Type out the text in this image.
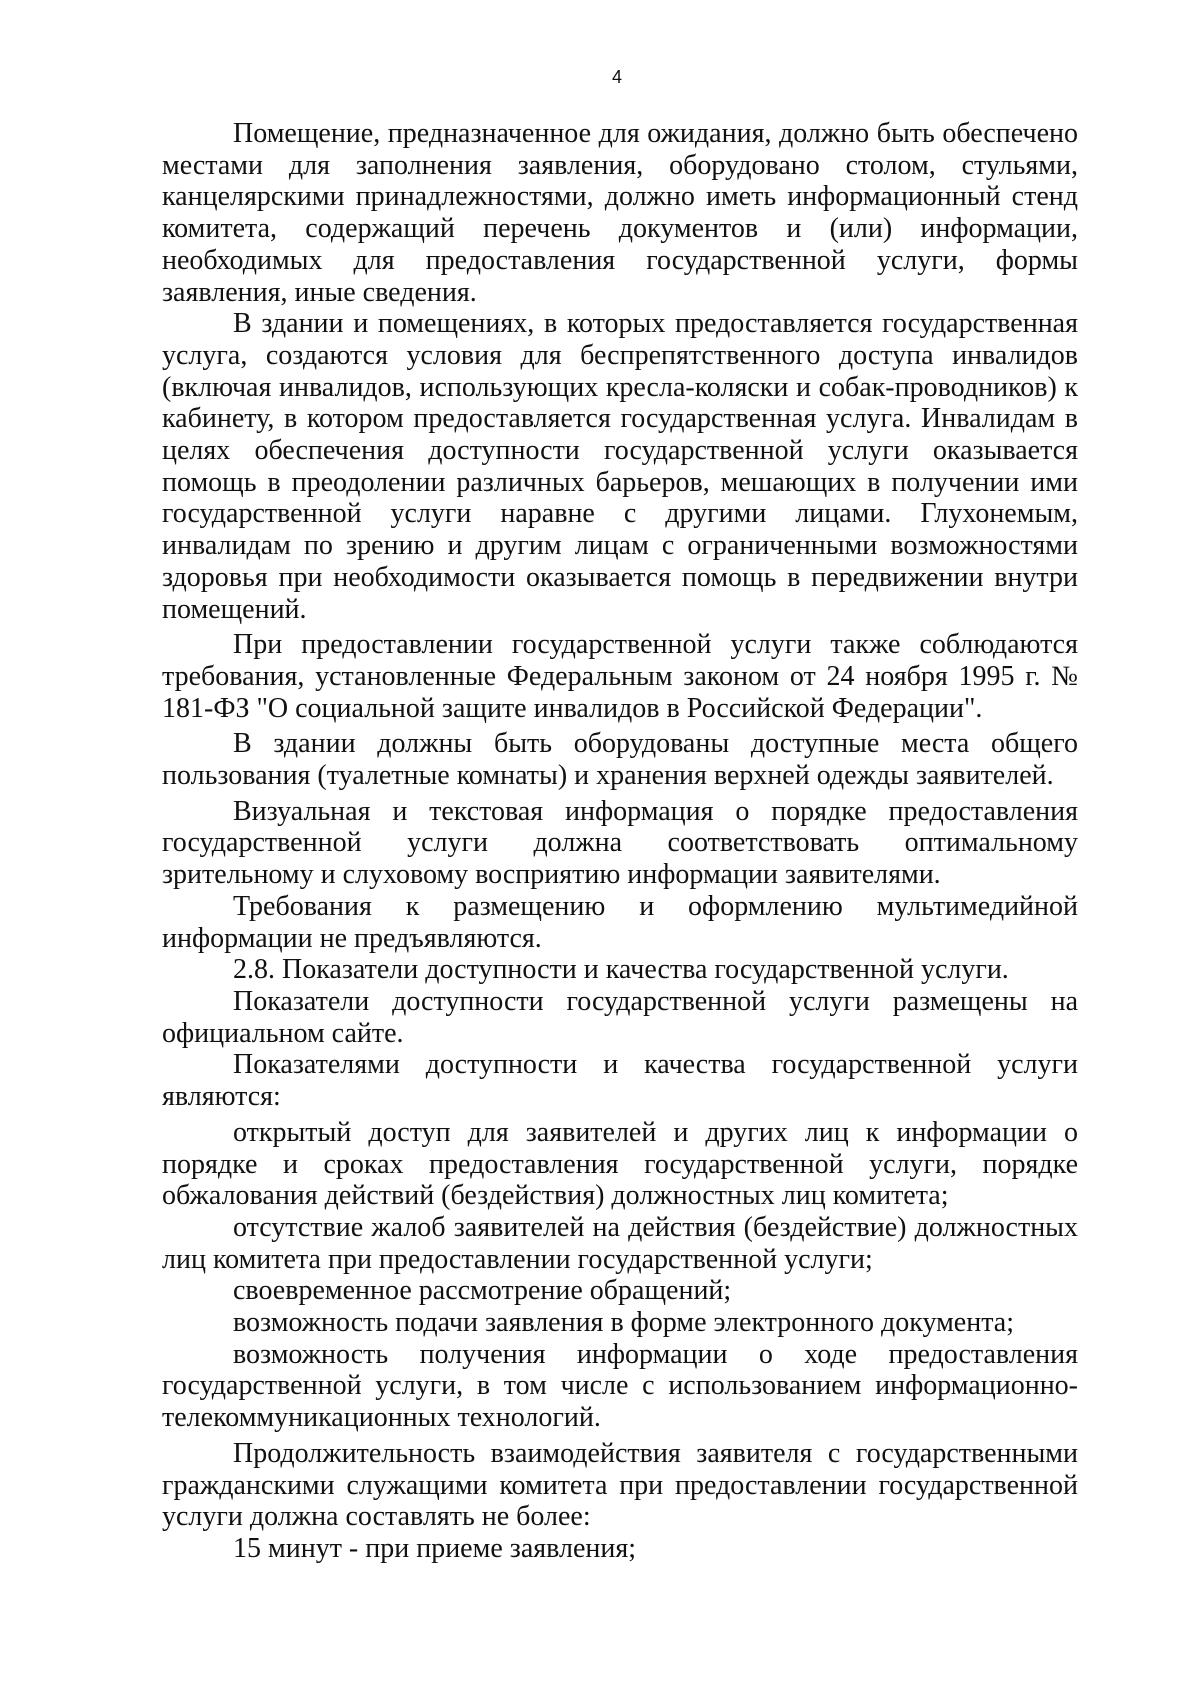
4

Помещение, предназначенное для ожидания, должно быть обеспечено местами для заполнения заявления, оборудовано столом, стульями, канцелярскими принадлежностями, должно иметь информационный стенд комитета, содержащий перечень документов и (или) информации, необходимых для предоставления государственной услуги, формы заявления, иные сведения.

В здании и помещениях, в которых предоставляется государственная услуга, создаются условия для беспрепятственного доступа инвалидов (включая инвалидов, использующих кресла-коляски и собак-проводников) к кабинету, в котором предоставляется государственная услуга. Инвалидам в целях обеспечения доступности государственной услуги оказывается помощь в преодолении различных барьеров, мешающих в получении ими государственной услуги наравне с другими лицами. Глухонемым, инвалидам по зрению и другим лицам с ограниченными возможностями здоровья при необходимости оказывается помощь в передвижении внутри помещений.

При предоставлении государственной услуги также соблюдаются требования, установленные Федеральным законом от 24 ноября 1995 г. № 181-ФЗ "О социальной защите инвалидов в Российской Федерации".

В здании должны быть оборудованы доступные места общего пользования (туалетные комнаты) и хранения верхней одежды заявителей.

Визуальная и текстовая информация о порядке предоставления государственной услуги должна соответствовать оптимальному зрительному и слуховому восприятию информации заявителями.

Требования к размещению и оформлению мультимедийной информации не предъявляются.

2.8. Показатели доступности и качества государственной услуги.

Показатели доступности государственной услуги размещены на официальном сайте.

Показателями доступности и качества государственной услуги являются:

открытый доступ для заявителей и других лиц к информации о порядке и сроках предоставления государственной услуги, порядке обжалования действий (бездействия) должностных лиц комитета;

отсутствие жалоб заявителей на действия (бездействие) должностных лиц комитета при предоставлении государственной услуги;

своевременное рассмотрение обращений;

возможность подачи заявления в форме электронного документа;

возможность получения информации о ходе предоставления государственной услуги, в том числе с использованием информационно-телекоммуникационных технологий.

Продолжительность взаимодействия заявителя с государственными гражданскими служащими комитета при предоставлении государственной услуги должна составлять не более:

15 минут - при приеме заявления;
